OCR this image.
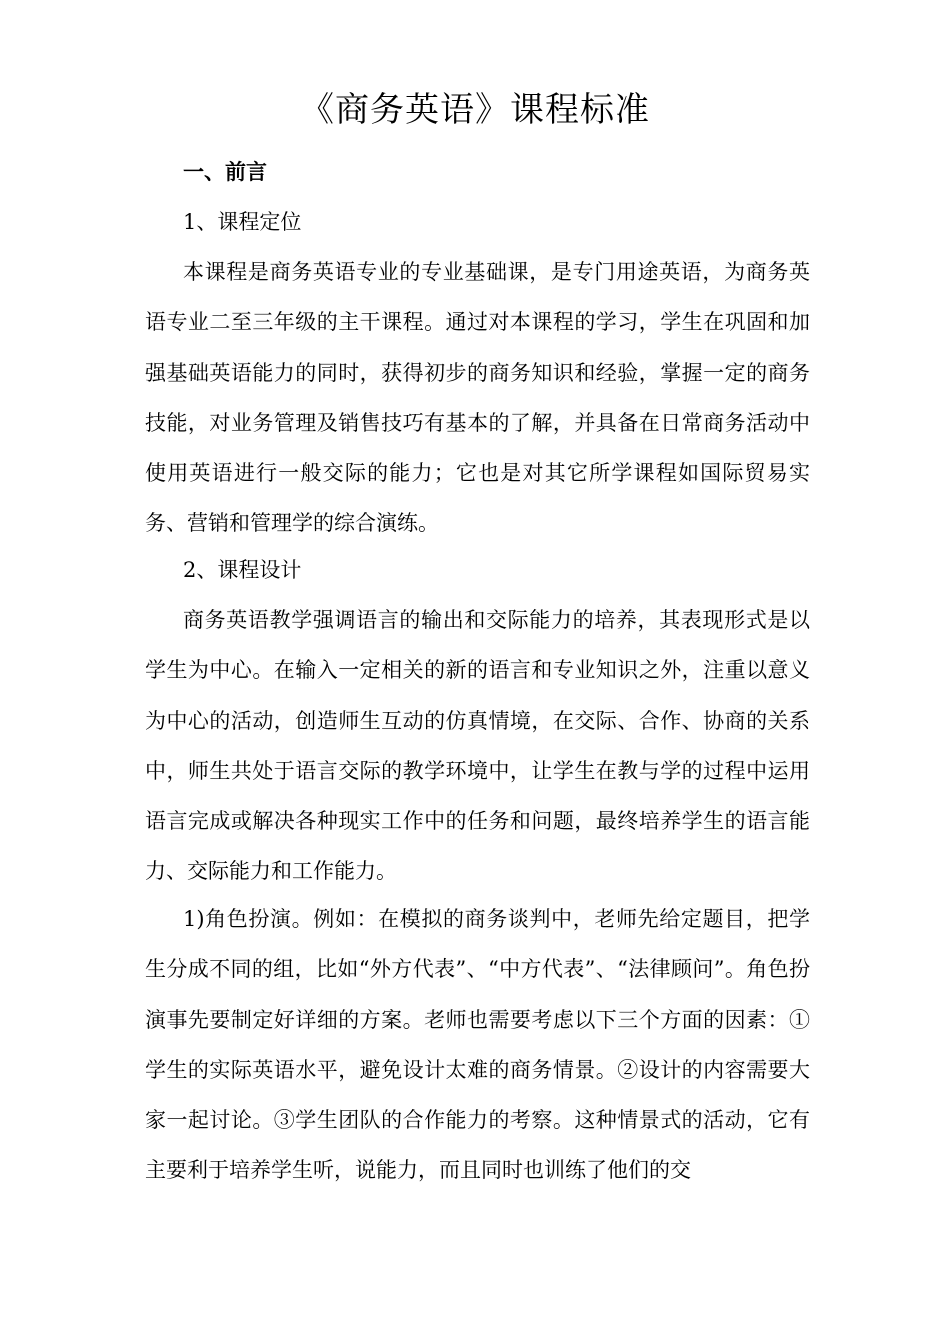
《商务英语》课程标准
一、前言
1、课程定位

本课程是商务英语专业的专业基础课，是专门用途英语，为商务英语专业二至三年级的主干课程。通过对本课程的学习，学生在巩固和加强基础英语能力的同时，获得初步的商务知识和经验，掌握一定的商务技能，对业务管理及销售技巧有基本的了解，并具备在日常商务活动中使用英语进行一般交际的能力；它也是对其它所学课程如国际贸易实务、营销和管理学的综合演练。

2、课程设计

商务英语教学强调语言的输出和交际能力的培养，其表现形式是以学生为中心。在输入一定相关的新的语言和专业知识之外，注重以意义为中心的活动，创造师生互动的仿真情境，在交际、合作、协商的关系中，师生共处于语言交际的教学环境中，让学生在教与学的过程中运用语言完成或解决各种现实工作中的任务和问题，最终培养学生的语言能力、交际能力和工作能力。

1)角色扮演。例如：在模拟的商务谈判中，老师先给定题目，把学生分成不同的组，比如“外方代表”、“中方代表”、“法律顾问”。角色扮演事先要制定好详细的方案。老师也需要考虑以下三个方面的因素：①学生的实际英语水平，避免设计太难的商务情景。②设计的内容需要大家一起讨论。③学生团队的合作能力的考察。这种情景式的活动，它有主要利于培养学生听，说能力，而且同时也训练了他们的交
